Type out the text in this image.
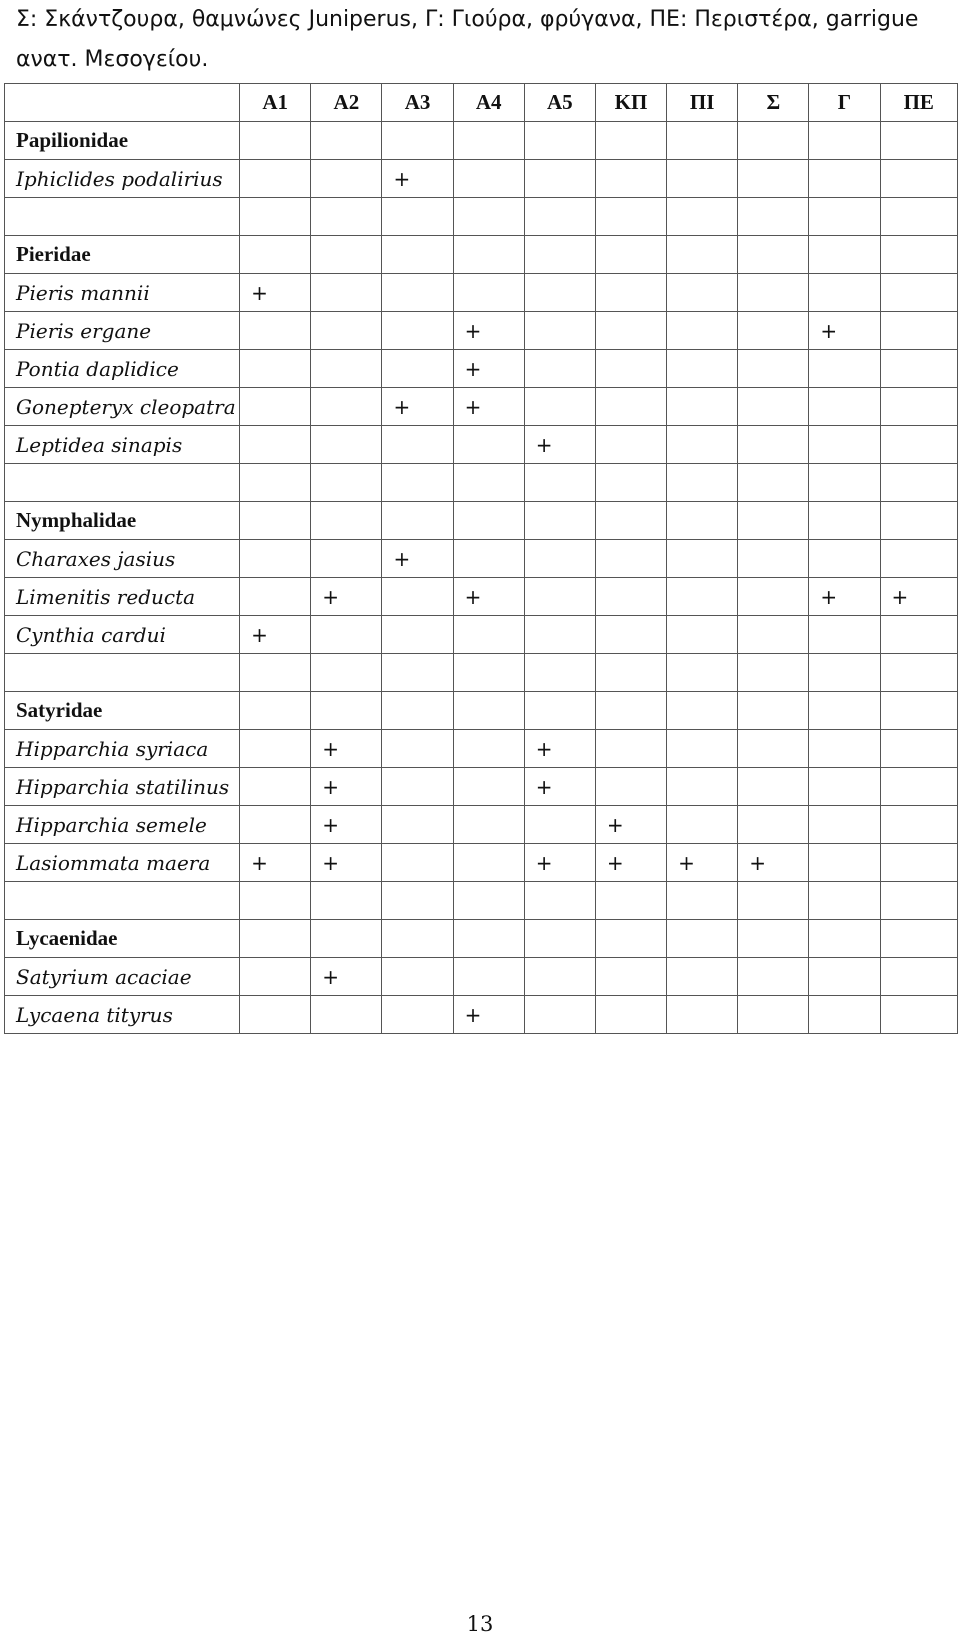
Σ: Σκάντζουρα, θαμνώνες Juniperus, Γ: Γιούρα, φρύγανα, ΠΕ: Περιστέρα, garrigue ανατ. Μεσογείου.

	A1	A2	A3	A4	A5	ΚΠ	ΠΙ	Σ	Γ	ΠΕ
Papilionidae										
Iphiclides podalirius			+							

Pieridae										
Pieris mannii	+									
Pieris ergane				+					+	
Pontia daplidice				+						
Gonepteryx cleopatra			+	+						
Leptidea sinapis					+					

Nymphalidae										
Charaxes jasius			+							
Limenitis reducta		+		+					+	+
Cynthia cardui	+									

Satyridae										
Hipparchia syriaca		+			+					
Hipparchia statilinus		+			+					
Hipparchia semele		+				+				
Lasiommata maera	+	+			+	+	+	+		

Lycaenidae										
Satyrium acaciae		+								
Lycaena tityrus				+						
13
